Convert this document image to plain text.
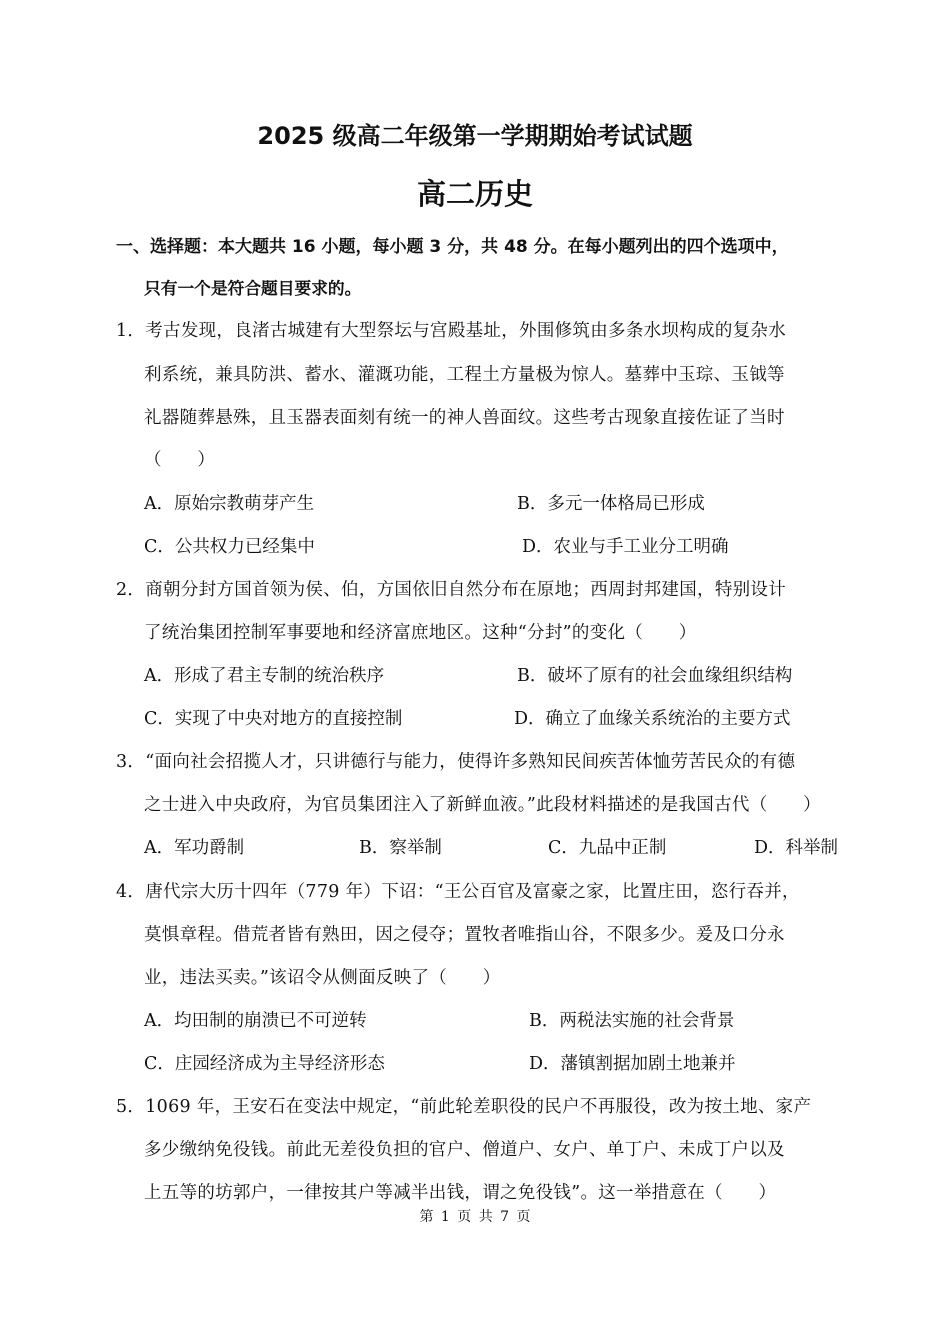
2025 级高二年级第一学期期始考试试题
高二历史
一、选择题：本大题共 16 小题，每小题 3 分，共 48 分。在每小题列出的四个选项中，
只有一个是符合题目要求的。
1．考古发现，良渚古城建有大型祭坛与宫殿基址，外围修筑由多条水坝构成的复杂水
利系统，兼具防洪、蓄水、灌溉功能，工程土方量极为惊人。墓葬中玉琮、玉钺等
礼器随葬悬殊，且玉器表面刻有统一的神人兽面纹。这些考古现象直接佐证了当时
（　　）
A．原始宗教萌芽产生	B．多元一体格局已形成
C．公共权力已经集中	D．农业与手工业分工明确
2．商朝分封方国首领为侯、伯，方国依旧自然分布在原地；西周封邦建国，特别设计
了统治集团控制军事要地和经济富庶地区。这种“分封”的变化（　　）
A．形成了君主专制的统治秩序	B．破坏了原有的社会血缘组织结构
C．实现了中央对地方的直接控制	D．确立了血缘关系统治的主要方式
3．“面向社会招揽人才，只讲德行与能力，使得许多熟知民间疾苦体恤劳苦民众的有德
之士进入中央政府，为官员集团注入了新鲜血液。”此段材料描述的是我国古代（　　）
A．军功爵制	B．察举制	C．九品中正制	D．科举制
4．唐代宗大历十四年（779 年）下诏：“王公百官及富豪之家，比置庄田，恣行吞并，
莫惧章程。借荒者皆有熟田，因之侵夺；置牧者唯指山谷，不限多少。爰及口分永
业，违法买卖。”该诏令从侧面反映了（　　）
A．均田制的崩溃已不可逆转	B．两税法实施的社会背景
C．庄园经济成为主导经济形态	D．藩镇割据加剧土地兼并
5．1069 年，王安石在变法中规定，“前此轮差职役的民户不再服役，改为按土地、家产
多少缴纳免役钱。前此无差役负担的官户、僧道户、女户、单丁户、未成丁户以及
上五等的坊郭户，一律按其户等减半出钱，谓之免役钱”。这一举措意在（　　）
第 1 页 共 7 页
